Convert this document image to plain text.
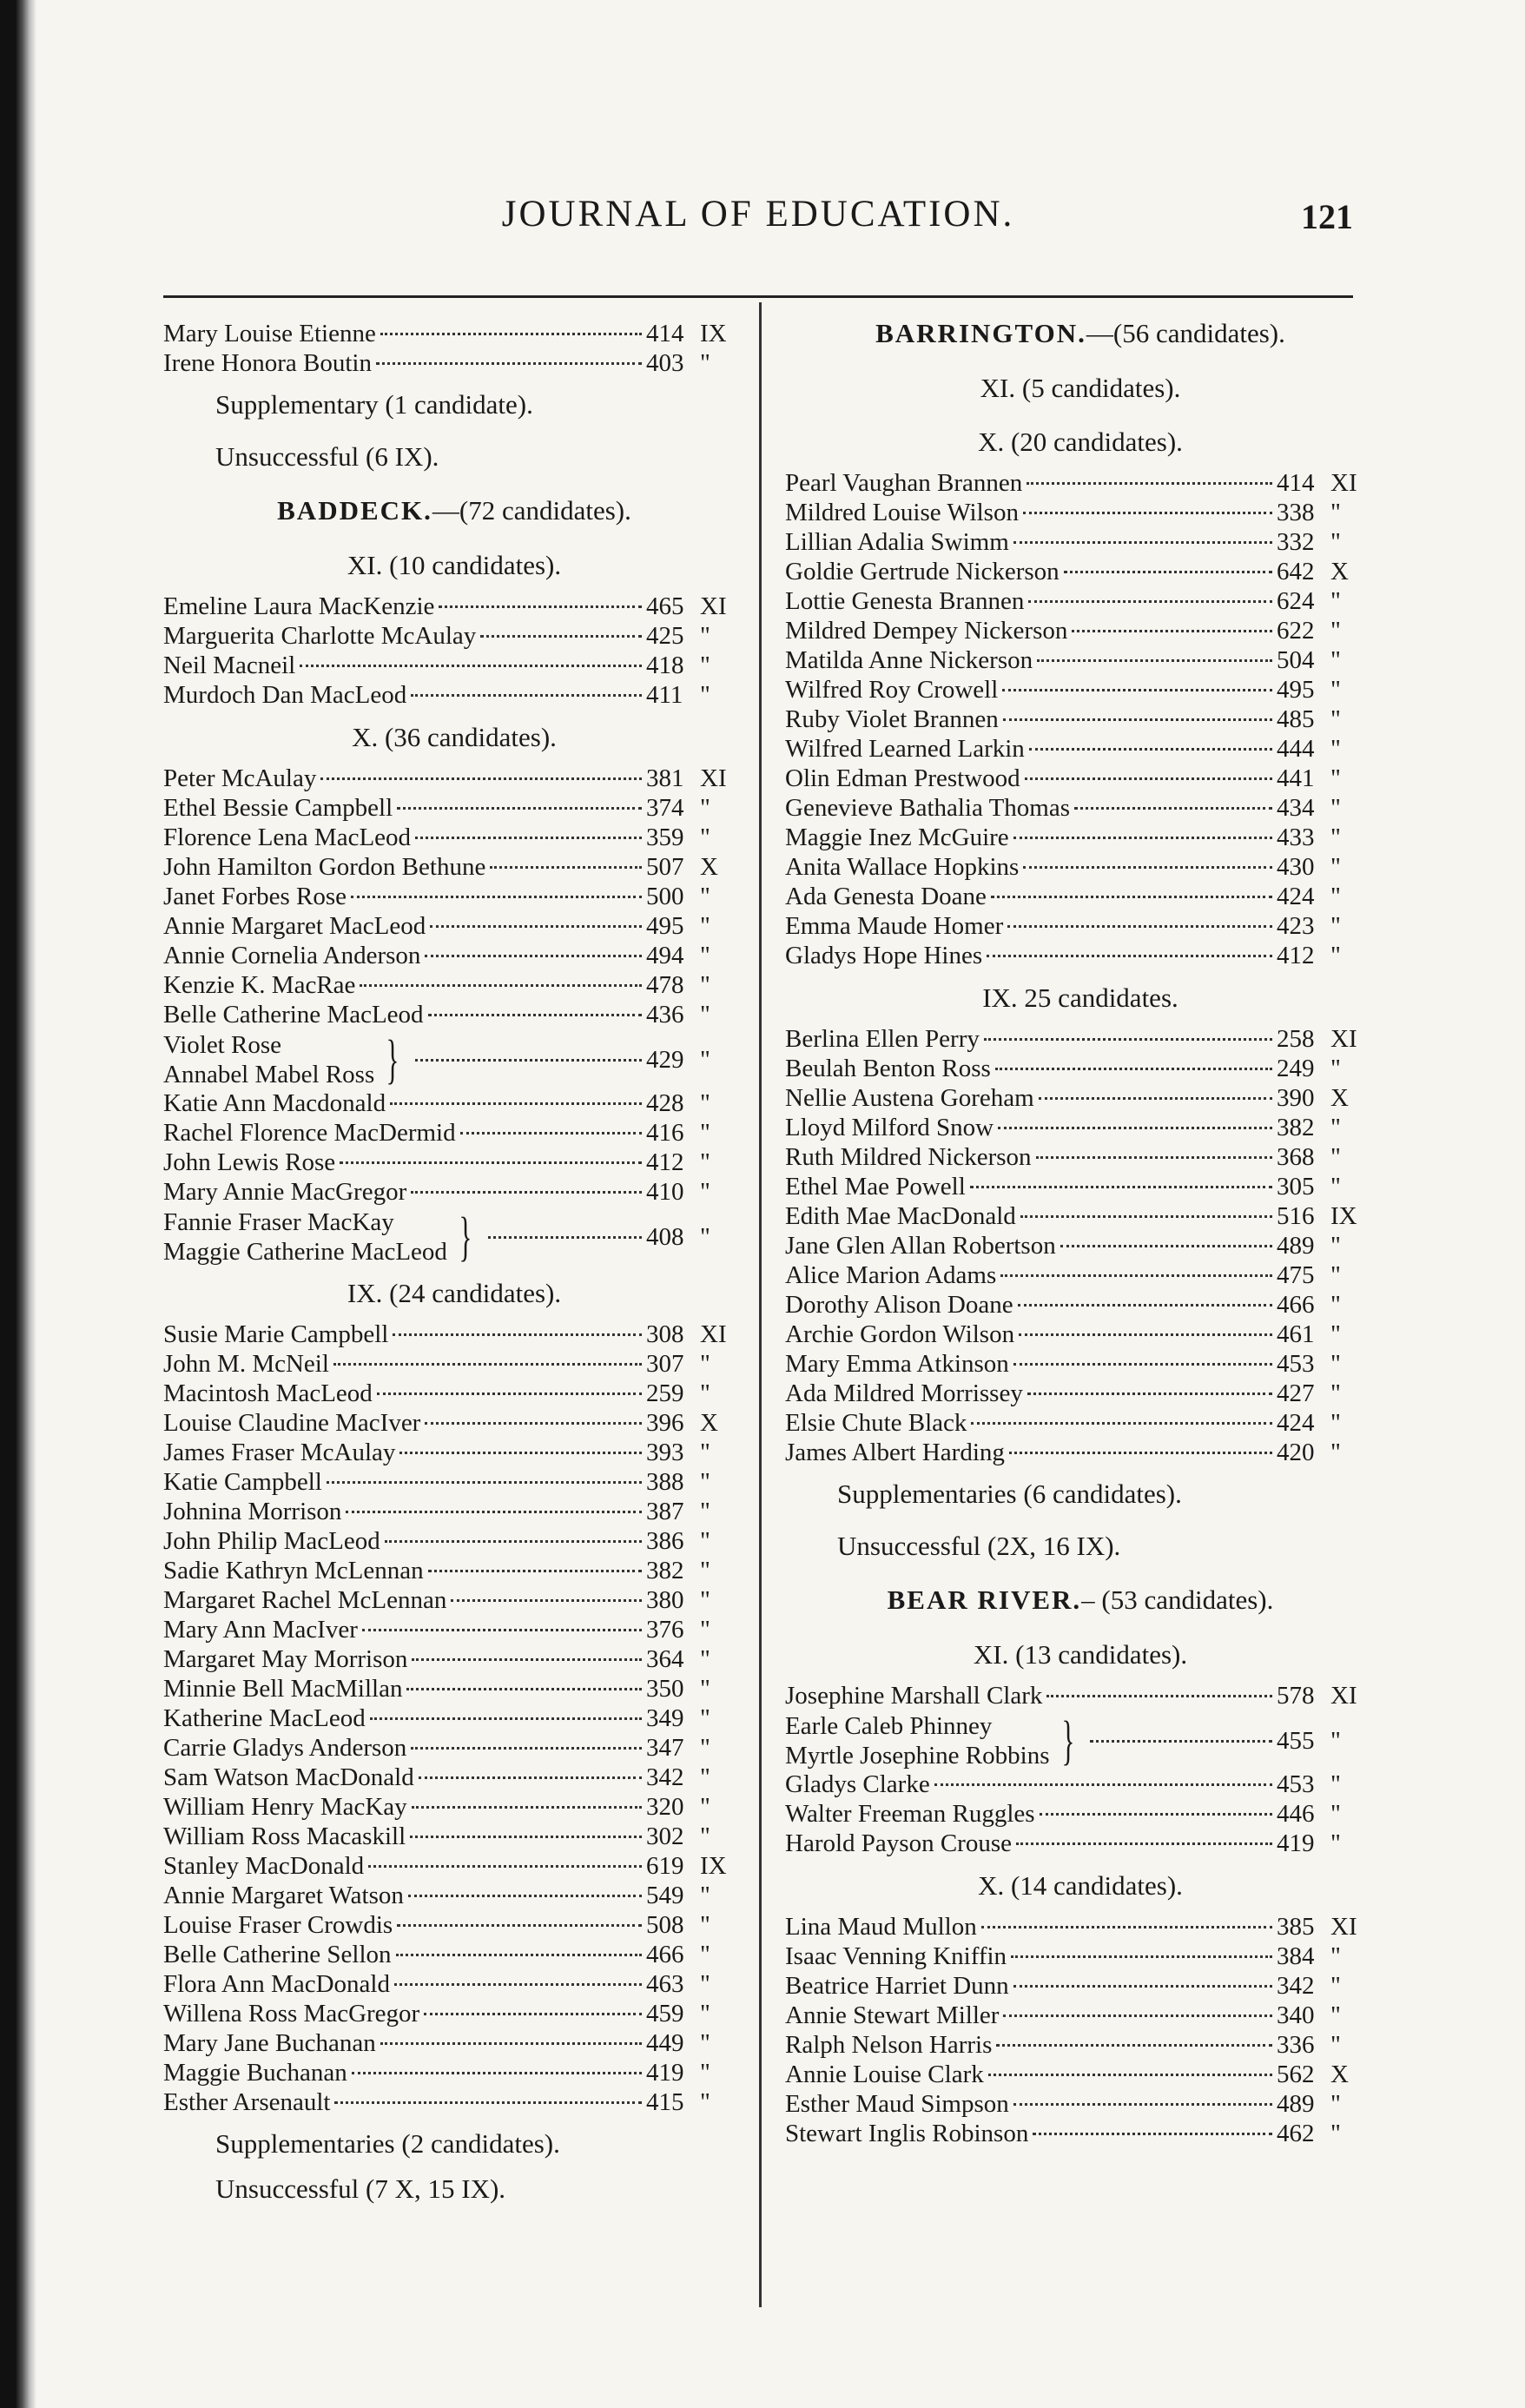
JOURNAL OF EDUCATION.	121
Mary Louise Etienne	414 IX
Irene Honora Boutin	403 "
Supplementary (1 candidate).
Unsuccessful (6 IX).
BADDECK.—(72 candidates).
XI. (10 candidates).
Emeline Laura MacKenzie	465 XI
Marguerita Charlotte McAulay	425 "
Neil Macneil	418 "
Murdoch Dan MacLeod	411 "
X. (36 candidates).
Peter McAulay	381 XI
Ethel Bessie Campbell	374 "
Florence Lena MacLeod	359 "
John Hamilton Gordon Bethune	507 X
Janet Forbes Rose	500 "
Annie Margaret MacLeod	495 "
Annie Cornelia Anderson	494 "
Kenzie K. MacRae	478 "
Belle Catherine MacLeod	436 "
Violet Rose
Annabel Mabel Ross }	429 "
Katie Ann Macdonald	428 "
Rachel Florence MacDermid	416 "
John Lewis Rose	412 "
Mary Annie MacGregor	410 "
Fannie Fraser MacKay
Maggie Catherine MacLeod }	408 "
IX. (24 candidates).
Susie Marie Campbell	308 XI
John M. McNeil	307 "
Macintosh MacLeod	259 "
Louise Claudine MacIver	396 X
James Fraser McAulay	393 "
Katie Campbell	388 "
Johnina Morrison	387 "
John Philip MacLeod	386 "
Sadie Kathryn McLennan	382 "
Margaret Rachel McLennan	380 "
Mary Ann MacIver	376 "
Margaret May Morrison	364 "
Minnie Bell MacMillan	350 "
Katherine MacLeod	349 "
Carrie Gladys Anderson	347 "
Sam Watson MacDonald	342 "
William Henry MacKay	320 "
William Ross Macaskill	302 "
Stanley MacDonald	619 IX
Annie Margaret Watson	549 "
Louise Fraser Crowdis	508 "
Belle Catherine Sellon	466 "
Flora Ann MacDonald	463 "
Willena Ross MacGregor	459 "
Mary Jane Buchanan	449 "
Maggie Buchanan	419 "
Esther Arsenault	415 "
Supplementaries (2 candidates).
Unsuccessful (7 X, 15 IX).
BARRINGTON.—(56 candidates).
XI. (5 candidates).
X. (20 candidates).
Pearl Vaughan Brannen	414 XI
Mildred Louise Wilson	338 "
Lillian Adalia Swimm	332 "
Goldie Gertrude Nickerson	642 X
Lottie Genesta Brannen	624 "
Mildred Dempey Nickerson	622 "
Matilda Anne Nickerson	504 "
Wilfred Roy Crowell	495 "
Ruby Violet Brannen	485 "
Wilfred Learned Larkin	444 "
Olin Edman Prestwood	441 "
Genevieve Bathalia Thomas	434 "
Maggie Inez McGuire	433 "
Anita Wallace Hopkins	430 "
Ada Genesta Doane	424 "
Emma Maude Homer	423 "
Gladys Hope Hines	412 "
IX. 25 candidates.
Berlina Ellen Perry	258 XI
Beulah Benton Ross	249 "
Nellie Austena Goreham	390 X
Lloyd Milford Snow	382 "
Ruth Mildred Nickerson	368 "
Ethel Mae Powell	305 "
Edith Mae MacDonald	516 IX
Jane Glen Allan Robertson	489 "
Alice Marion Adams	475 "
Dorothy Alison Doane	466 "
Archie Gordon Wilson	461 "
Mary Emma Atkinson	453 "
Ada Mildred Morrissey	427 "
Elsie Chute Black	424 "
James Albert Harding	420 "
Supplementaries (6 candidates).
Unsuccessful (2X, 16 IX).
BEAR RIVER.– (53 candidates).
XI. (13 candidates).
Josephine Marshall Clark	578 XI
Earle Caleb Phinney
Myrtle Josephine Robbins }	455 "
Gladys Clarke	453 "
Walter Freeman Ruggles	446 "
Harold Payson Crouse	419 "
X. (14 candidates).
Lina Maud Mullon	385 XI
Isaac Venning Kniffin	384 "
Beatrice Harriet Dunn	342 "
Annie Stewart Miller	340 "
Ralph Nelson Harris	336 "
Annie Louise Clark	562 X
Esther Maud Simpson	489 "
Stewart Inglis Robinson	462 "
